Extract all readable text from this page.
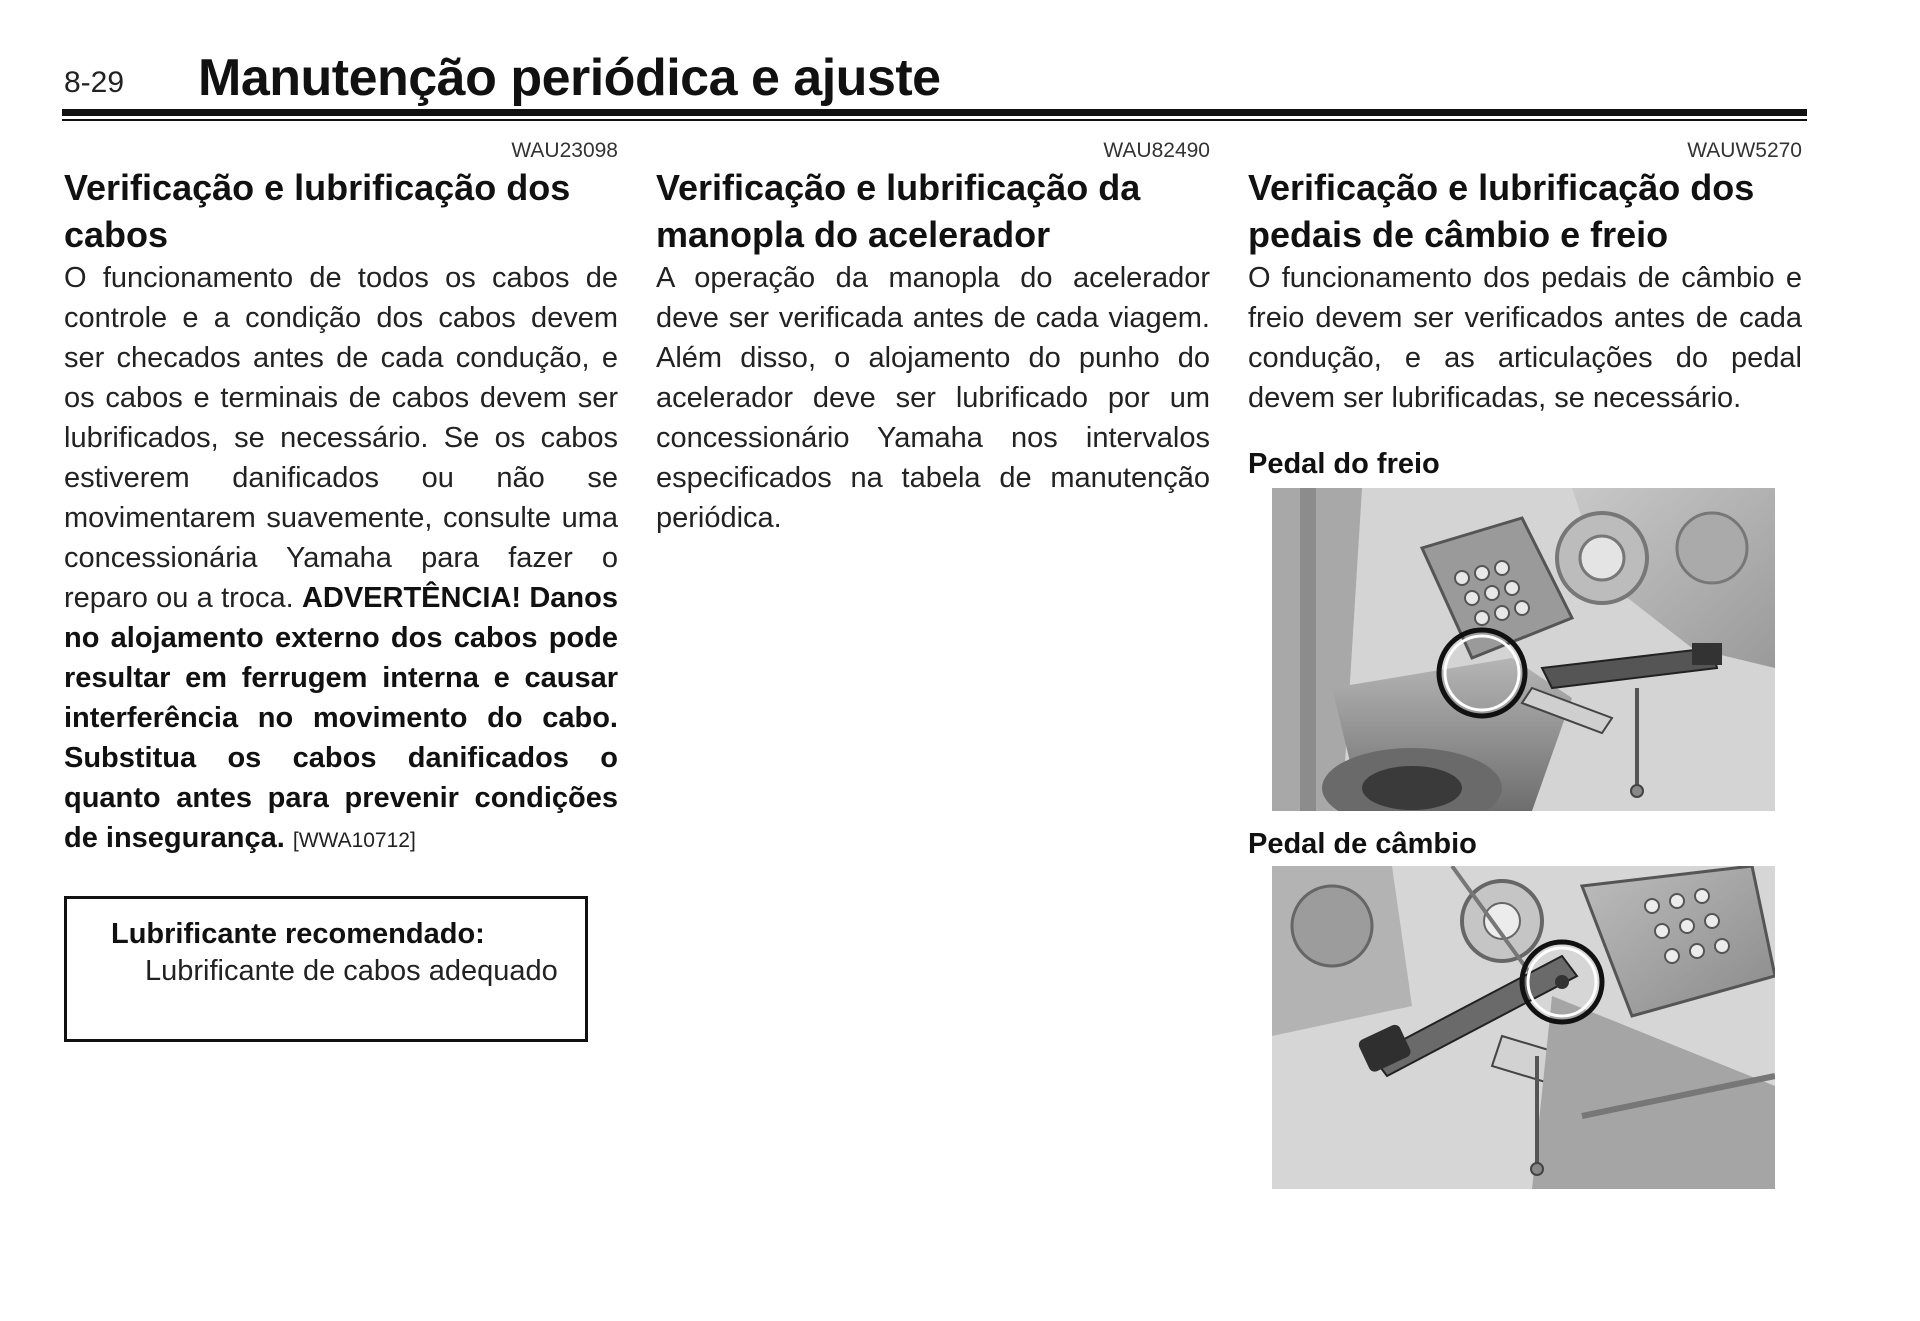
8-29 Manutenção periódica e ajuste
WAU23098
Verificação e lubrificação dos cabos

O funcionamento de todos os cabos de controle e a condição dos cabos devem ser checados antes de cada condução, e os cabos e terminais de cabos devem ser lubrificados, se necessário. Se os cabos estiverem danificados ou não se movimentarem suavemente, consulte uma concessionária Yamaha para fazer o reparo ou a troca. ADVERTÊNCIA! Danos no alojamento externo dos cabos pode resultar em ferrugem interna e causar interferência no movimento do cabo. Substitua os cabos danificados o quanto antes para prevenir condições de insegurança. [WWA10712]

Lubrificante recomendado:
Lubrificante de cabos adequado
WAU82490
Verificação e lubrificação da manopla do acelerador

A operação da manopla do acelerador deve ser verificada antes de cada viagem. Além disso, o alojamento do punho do acelerador deve ser lubrificado por um concessionário Yamaha nos intervalos especificados na tabela de manutenção periódica.

WAUW5270
Verificação e lubrificação dos pedais de câmbio e freio

O funcionamento dos pedais de câmbio e freio devem ser verificados antes de cada condução, e as articulações do pedal devem ser lubrificadas, se necessário.

Pedal do freio
Pedal de câmbio
